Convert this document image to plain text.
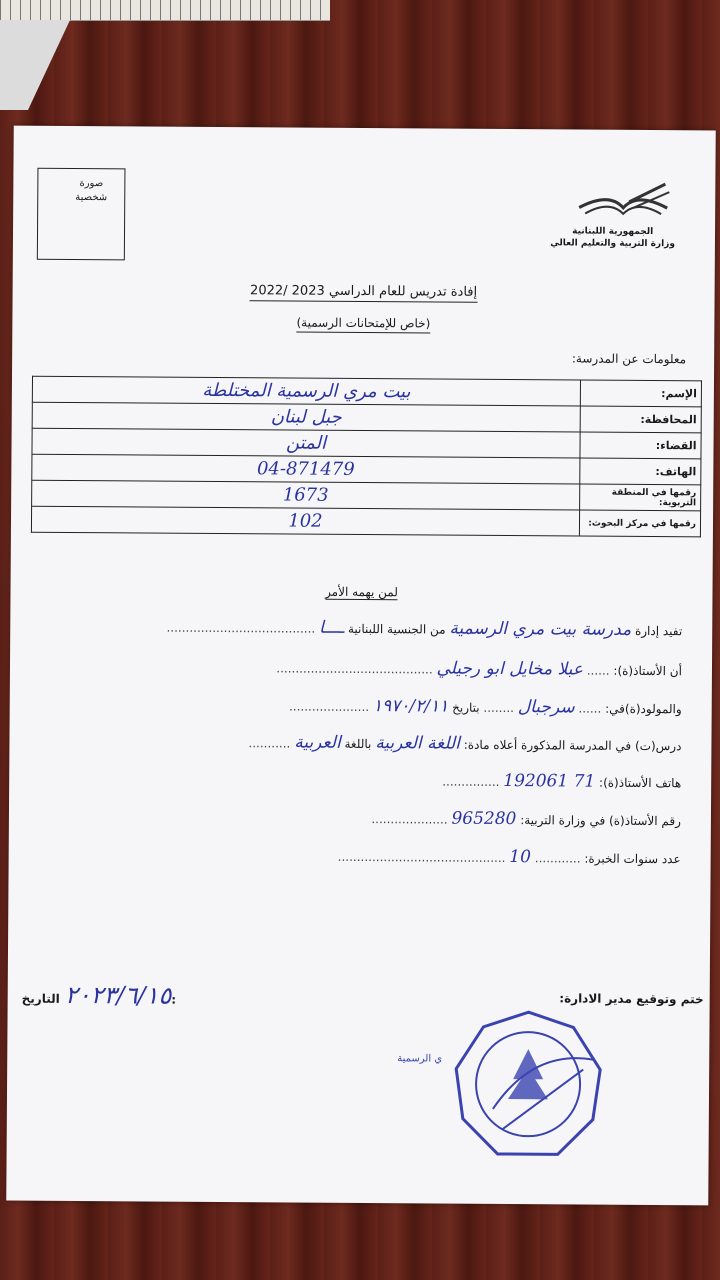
صورة
شخصية
الجمهورية اللبنانية
وزارة التربية والتعليم العالي
إفادة تدريس للعام الدراسي 2023 /2022
(خاص للإمتحانات الرسمية)
معلومات عن المدرسة:
الإسم:	بيت مري الرسمية المختلطة
المحافظة:	جبل لبنان
القضاء:	المتن
الهاتف:	04-871479
رقمها في المنطقة التربوية:	1673
رقمها في مركز البحوث:	102
لمن يهمه الأمر
تفيد إدارة مدرسة بيت مري الرسمية من الجنسية اللبنانية ــــا .......................................
أن الأستاذ(ة): ...... عبلا مخايل ابو رجيلي .........................................
والمولود(ة)في: ...... سرجبال ........ بتاريخ ١٩٧٠/٢/١١ .....................
درس(ت) في المدرسة المذكورة أعلاه مادة: اللغة العربية باللغة العربية ...........
هاتف الأستاذ(ة): 71 192061 ...............
رقم الأستاذ(ة) في وزارة التربية: 965280 ....................
عدد سنوات الخبرة: ............ 10 ............................................
٢٠٢٣/٦/١٥ التاريخ:	ختم وتوقيع مدير الادارة:
ي الرسمية
